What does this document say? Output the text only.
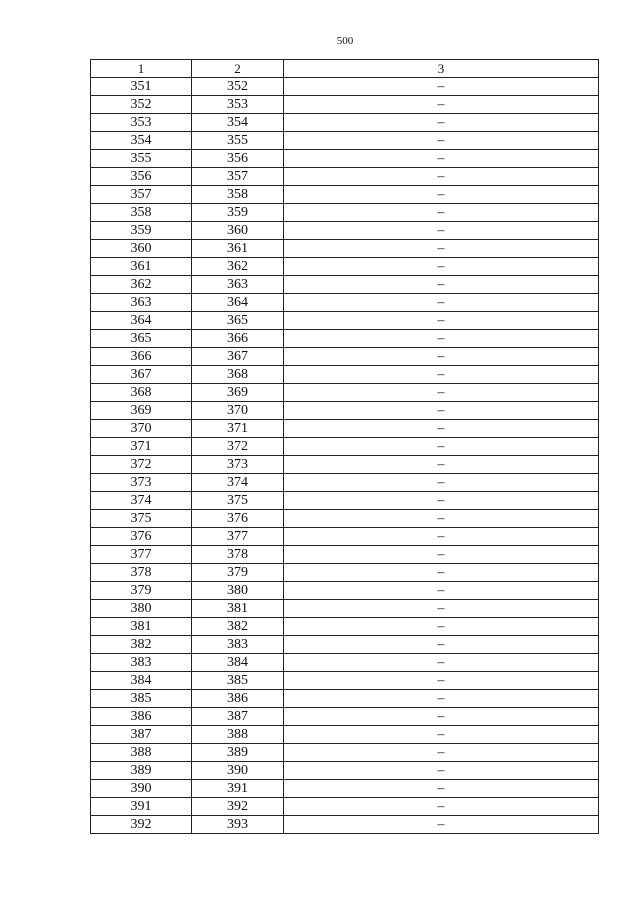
500
1	2	3
351	352	–
352	353	–
353	354	–
354	355	–
355	356	–
356	357	–
357	358	–
358	359	–
359	360	–
360	361	–
361	362	–
362	363	–
363	364	–
364	365	–
365	366	–
366	367	–
367	368	–
368	369	–
369	370	–
370	371	–
371	372	–
372	373	–
373	374	–
374	375	–
375	376	–
376	377	–
377	378	–
378	379	–
379	380	–
380	381	–
381	382	–
382	383	–
383	384	–
384	385	–
385	386	–
386	387	–
387	388	–
388	389	–
389	390	–
390	391	–
391	392	–
392	393	–
